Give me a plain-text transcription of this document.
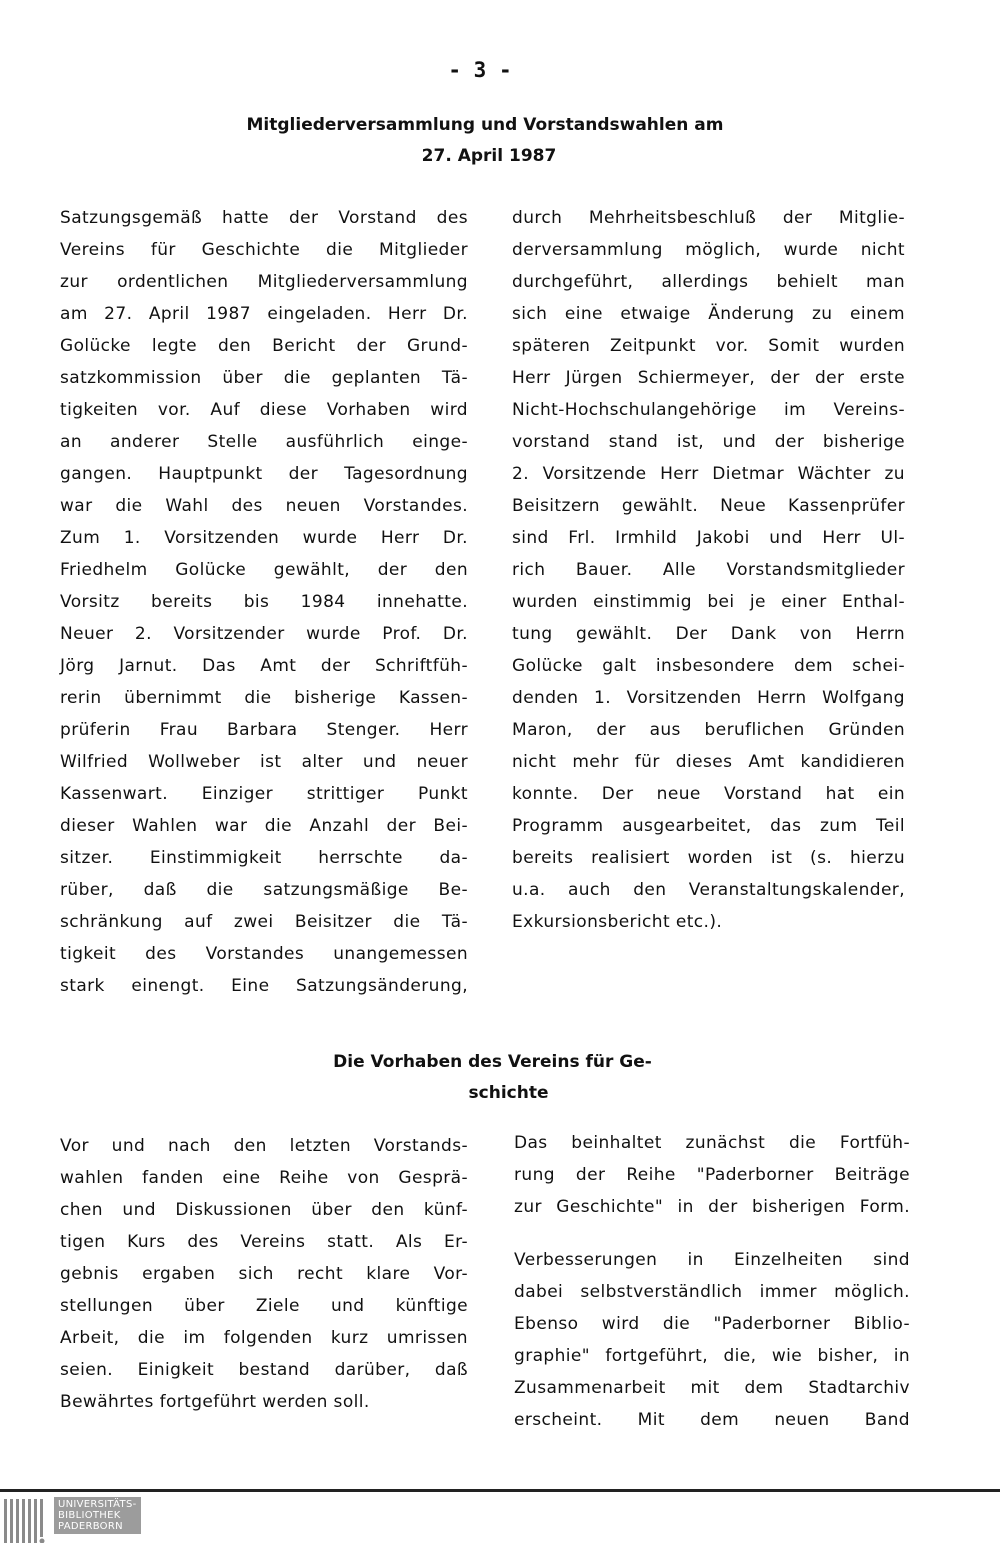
- 3 -
Mitgliederversammlung und Vorstandswahlen am
27. April 1987
Satzungsgemäß hatte der Vorstand des
Vereins für Geschichte die Mitglieder
zur ordentlichen Mitgliederversammlung
am 27. April 1987 eingeladen. Herr Dr.
Golücke legte den Bericht der Grund-
satzkommission über die geplanten Tä-
tigkeiten vor. Auf diese Vorhaben wird
an anderer Stelle ausführlich einge-
gangen. Hauptpunkt der Tagesordnung
war die Wahl des neuen Vorstandes.
Zum 1. Vorsitzenden wurde Herr Dr.
Friedhelm Golücke gewählt, der den
Vorsitz bereits bis 1984 innehatte.
Neuer 2. Vorsitzender wurde Prof. Dr.
Jörg Jarnut. Das Amt der Schriftfüh-
rerin übernimmt die bisherige Kassen-
prüferin Frau Barbara Stenger. Herr
Wilfried Wollweber ist alter und neuer
Kassenwart. Einziger strittiger Punkt
dieser Wahlen war die Anzahl der Bei-
sitzer. Einstimmigkeit herrschte da-
rüber, daß die satzungsmäßige Be-
schränkung auf zwei Beisitzer die Tä-
tigkeit des Vorstandes unangemessen
stark einengt. Eine Satzungsänderung,
durch Mehrheitsbeschluß der Mitglie-
derversammlung möglich, wurde nicht
durchgeführt, allerdings behielt man
sich eine etwaige Änderung zu einem
späteren Zeitpunkt vor. Somit wurden
Herr Jürgen Schiermeyer, der der erste
Nicht-Hochschulangehörige im Vereins-
vorstand stand ist, und der bisherige
2. Vorsitzende Herr Dietmar Wächter zu
Beisitzern gewählt. Neue Kassenprüfer
sind Frl. Irmhild Jakobi und Herr Ul-
rich Bauer. Alle Vorstandsmitglieder
wurden einstimmig bei je einer Enthal-
tung gewählt. Der Dank von Herrn
Golücke galt insbesondere dem schei-
denden 1. Vorsitzenden Herrn Wolfgang
Maron, der aus beruflichen Gründen
nicht mehr für dieses Amt kandidieren
konnte. Der neue Vorstand hat ein
Programm ausgearbeitet, das zum Teil
bereits realisiert worden ist (s. hierzu
u.a. auch den Veranstaltungskalender,
Exkursionsbericht etc.).
Die Vorhaben des Vereins für Ge-
schichte
Vor und nach den letzten Vorstands-
wahlen fanden eine Reihe von Gesprä-
chen und Diskussionen über den künf-
tigen Kurs des Vereins statt. Als Er-
gebnis ergaben sich recht klare Vor-
stellungen über Ziele und künftige
Arbeit, die im folgenden kurz umrissen
seien. Einigkeit bestand darüber, daß
Bewährtes fortgeführt werden soll.
Das beinhaltet zunächst die Fortfüh-
rung der Reihe "Paderborner Beiträge
zur Geschichte" in der bisherigen Form.
Verbesserungen in Einzelheiten sind
dabei selbstverständlich immer möglich.
Ebenso wird die "Paderborner Biblio-
graphie" fortgeführt, die, wie bisher, in
Zusammenarbeit mit dem Stadtarchiv
erscheint. Mit dem neuen Band
UNIVERSITÄTS-
BIBLIOTHEK
PADERBORN
